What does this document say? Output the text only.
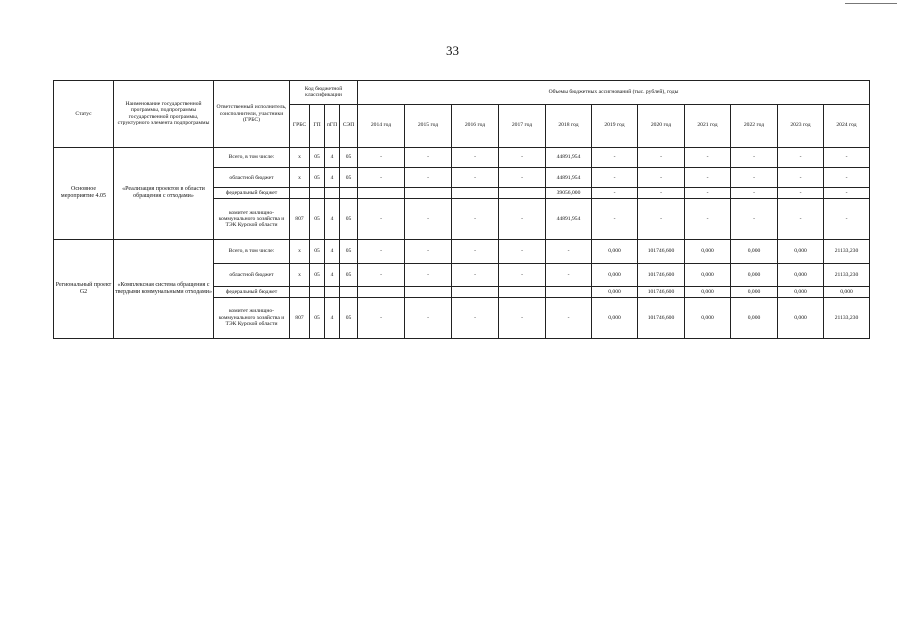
33
Статус	Наименование государственной программы, подпрограммы государственной программы, структурного элемента подпрограммы	Ответственный исполнитель, соисполнители, участники (ГРБС)	Код бюджетной классификации				Объемы бюджетных ассигнований (тыс. рублей), годы										
			ГРБС	ГП	пГП	СЭП	2014 год	2015 год	2016 год	2017 год	2018 год	2019 год	2020 год	2021 год	2022 год	2023 год	2024 год
Основное мероприятие 4.05	«Реализация проектов в области обращения с отходами»	Всего, в том числе:	х	05	4	05	-	-	-	-	44891,954	-	-	-	-	-	-
		областной бюджет	х	05	4	05	-	-	-	-	44891,954	-	-	-	-	-	-
		федеральный бюджет									39056,000	-	-	-	-	-	-
		комитет жилищно-коммунального хозяйства и ТЭК Курской области	807	05	4	05	-	-	-	-	44891,954	-	-	-	-	-	-
Региональный проект G2	«Комплексная система обращения с твердыми коммунальными отходами»	Всего, в том числе:	х	05	4	05	-	-	-	-	-	0,000	101746,600	0,000	0,000	0,000	21133,230
		областной бюджет	х	05	4	05	-	-	-	-	-	0,000	101746,600	0,000	0,000	0,000	21133,230
		федеральный бюджет										0,000	101746,600	0,000	0,000	0,000	0,000
		комитет жилищно-коммунального хозяйства и ТЭК Курской области	807	05	4	05	-	-	-	-	-	0,000	101746,600	0,000	0,000	0,000	21133,230
